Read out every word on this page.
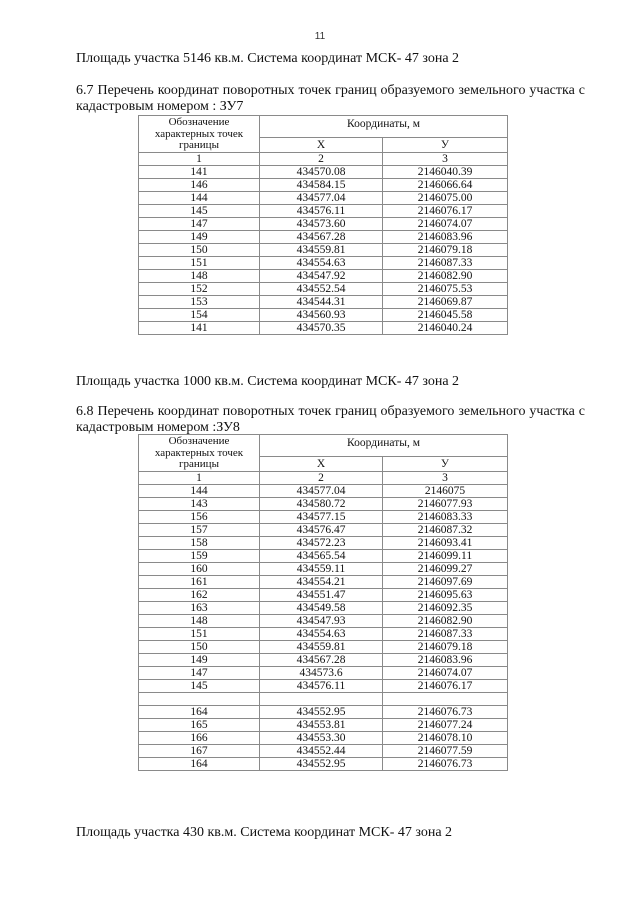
11
Площадь участка 5146 кв.м. Система координат МСК- 47 зона 2
6.7 Перечень координат поворотных точек границ образуемого земельного участка с кадастровым номером : ЗУ7
Обозначение характерных точек границы	Координаты, м	
	X	У
1	2	3
141	434570.08	2146040.39
146	434584.15	2146066.64
144	434577.04	2146075.00
145	434576.11	2146076.17
147	434573.60	2146074.07
149	434567.28	2146083.96
150	434559.81	2146079.18
151	434554.63	2146087.33
148	434547.92	2146082.90
152	434552.54	2146075.53
153	434544.31	2146069.87
154	434560.93	2146045.58
141	434570.35	2146040.24
Площадь участка 1000 кв.м. Система координат МСК- 47 зона 2
6.8 Перечень координат поворотных точек границ образуемого земельного участка с кадастровым номером :ЗУ8
Обозначение характерных точек границы	Координаты, м	
	X	У
1	2	3
144	434577.04	2146075
143	434580.72	2146077.93
156	434577.15	2146083.33
157	434576.47	2146087.32
158	434572.23	2146093.41
159	434565.54	2146099.11
160	434559.11	2146099.27
161	434554.21	2146097.69
162	434551.47	2146095.63
163	434549.58	2146092.35
148	434547.93	2146082.90
151	434554.63	2146087.33
150	434559.81	2146079.18
149	434567.28	2146083.96
147	434573.6	2146074.07
145	434576.11	2146076.17

164	434552.95	2146076.73
165	434553.81	2146077.24
166	434553.30	2146078.10
167	434552.44	2146077.59
164	434552.95	2146076.73
Площадь участка 430 кв.м. Система координат МСК- 47 зона 2
